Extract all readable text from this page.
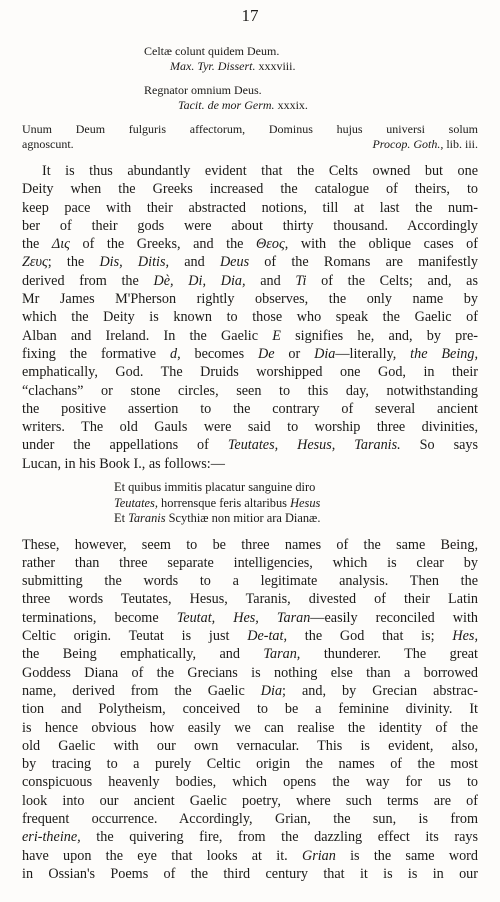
17
Celtæ colunt quidem Deum.
Max. Tyr. Dissert. xxxviii.
Regnator omnium Deus.
Tacit. de mor Germ. xxxix.
Unum Deum fulguris affectorum, Dominus hujus universi solum
agnoscunt.	Procop. Goth., lib. iii.
It is thus abundantly evident that the Celts owned but one
Deity when the Greeks increased the catalogue of theirs, to
keep pace with their abstracted notions, till at last the num-
ber of their gods were about thirty thousand. Accordingly
the Δις of the Greeks, and the Θεος, with the oblique cases of
Ζευς; the Dis, Ditis, and Deus of the Romans are manifestly
derived from the Dè, Di, Dia, and Ti of the Celts; and, as
Mr James M'Pherson rightly observes, the only name by
which the Deity is known to those who speak the Gaelic of
Alban and Ireland. In the Gaelic E signifies he, and, by pre-
fixing the formative d, becomes De or Dia—literally, the Being,
emphatically, God. The Druids worshipped one God, in their
“clachans” or stone circles, seen to this day, notwithstanding
the positive assertion to the contrary of several ancient
writers. The old Gauls were said to worship three divinities,
under the appellations of Teutates, Hesus, Taranis. So says
Lucan, in his Book I., as follows:—
Et quibus immitis placatur sanguine diro
Teutates, horrensque feris altaribus Hesus
Et Taranis Scythiæ non mitior ara Dianæ.
These, however, seem to be three names of the same Being,
rather than three separate intelligencies, which is clear by
submitting the words to a legitimate analysis. Then the
three words Teutates, Hesus, Taranis, divested of their Latin
terminations, become Teutat, Hes, Taran—easily reconciled with
Celtic origin. Teutat is just De-tat, the God that is; Hes,
the Being emphatically, and Taran, thunderer. The great
Goddess Diana of the Grecians is nothing else than a borrowed
name, derived from the Gaelic Dia; and, by Grecian abstrac-
tion and Polytheism, conceived to be a feminine divinity. It
is hence obvious how easily we can realise the identity of the
old Gaelic with our own vernacular. This is evident, also,
by tracing to a purely Celtic origin the names of the most
conspicuous heavenly bodies, which opens the way for us to
look into our ancient Gaelic poetry, where such terms are of
frequent occurrence. Accordingly, Grian, the sun, is from
eri-theine, the quivering fire, from the dazzling effect its rays
have upon the eye that looks at it. Grian is the same word
in Ossian's Poems of the third century that it is is in our
